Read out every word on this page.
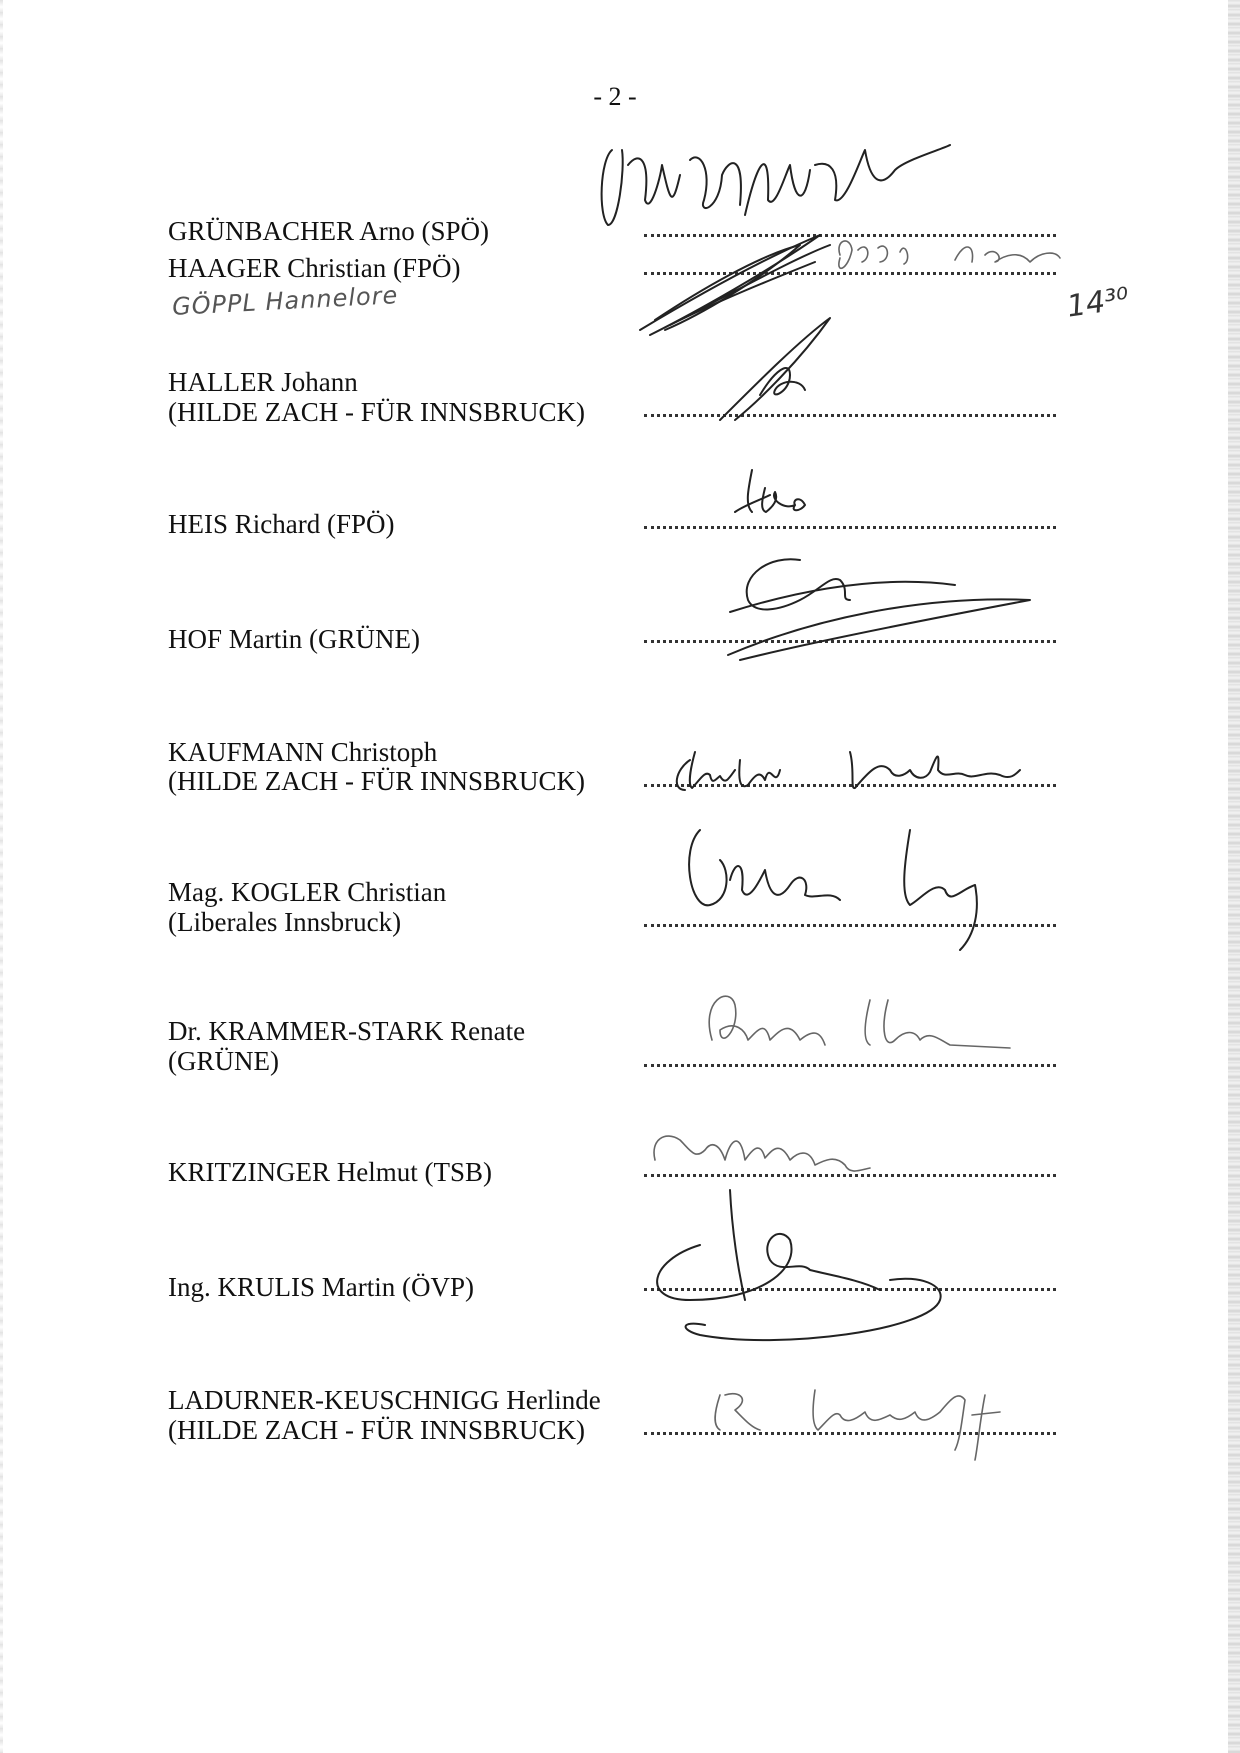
- 2 -
GRÜNBACHER Arno (SPÖ)
HAAGER Christian (FPÖ)
GÖPPL Hannelore
HALLER Johann
(HILDE ZACH - FÜR INNSBRUCK)
HEIS Richard (FPÖ)
HOF Martin (GRÜNE)
KAUFMANN Christoph
(HILDE ZACH - FÜR INNSBRUCK)
Mag. KOGLER Christian
(Liberales Innsbruck)
Dr. KRAMMER-STARK Renate
(GRÜNE)
KRITZINGER Helmut (TSB)
Ing. KRULIS Martin (ÖVP)
LADURNER-KEUSCHNIGG Herlinde
(HILDE ZACH - FÜR INNSBRUCK)
14³⁰
